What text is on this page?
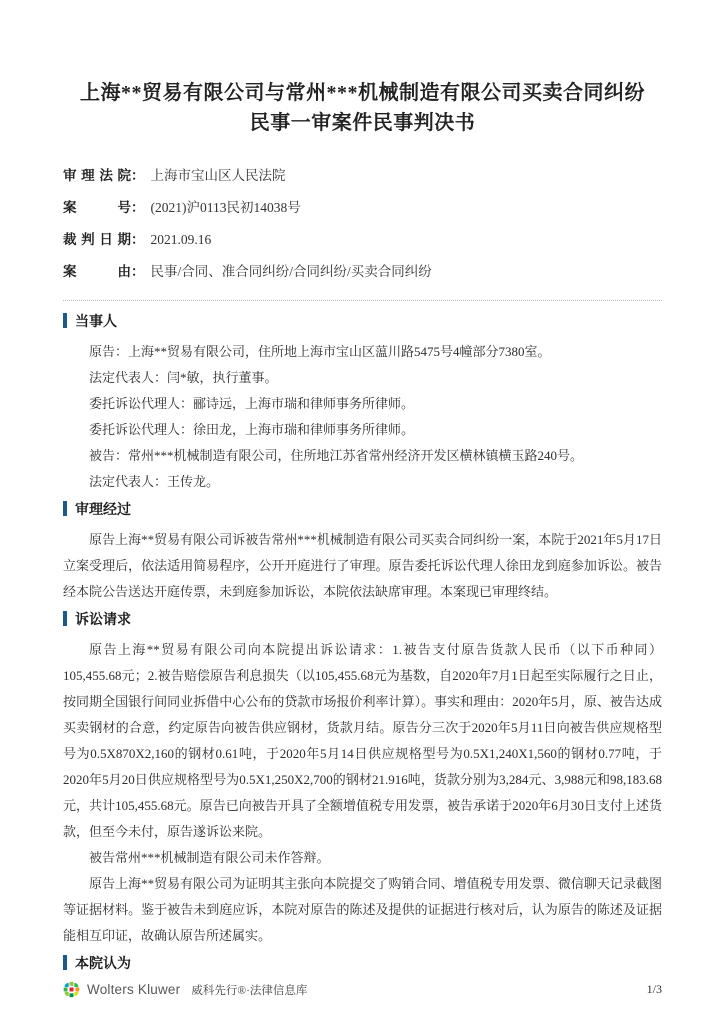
上海**贸易有限公司与常州***机械制造有限公司买卖合同纠纷民事一审案件民事判决书
审理法院： 上海市宝山区人民法院
案号： (2021)沪0113民初14038号
裁判日期： 2021.09.16
案由： 民事/合同、准合同纠纷/合同纠纷/买卖合同纠纷
当事人

原告：上海**贸易有限公司，住所地上海市宝山区蕰川路5475号4幢部分7380室。

法定代表人：闫*敏，执行董事。

委托诉讼代理人：郦诗远，上海市瑞和律师事务所律师。

委托诉讼代理人：徐田龙，上海市瑞和律师事务所律师。

被告：常州***机械制造有限公司，住所地江苏省常州经济开发区横林镇横玉路240号。

法定代表人：王传龙。

审理经过

原告上海**贸易有限公司诉被告常州***机械制造有限公司买卖合同纠纷一案，本院于2021年5月17日立案受理后，依法适用简易程序，公开开庭进行了审理。原告委托诉讼代理人徐田龙到庭参加诉讼。被告经本院公告送达开庭传票，未到庭参加诉讼，本院依法缺席审理。本案现已审理终结。

诉讼请求

原告上海**贸易有限公司向本院提出诉讼请求：1.被告支付原告货款人民币（以下币种同）105,455.68元；2.被告赔偿原告利息损失（以105,455.68元为基数，自2020年7月1日起至实际履行之日止，按同期全国银行间同业拆借中心公布的贷款市场报价利率计算）。事实和理由：2020年5月，原、被告达成买卖钢材的合意，约定原告向被告供应钢材，货款月结。原告分三次于2020年5月11日向被告供应规格型号为0.5X870X2,160的钢材0.61吨，于2020年5月14日供应规格型号为0.5X1,240X1,560的钢材0.77吨，于2020年5月20日供应规格型号为0.5X1,250X2,700的钢材21.916吨，货款分别为3,284元、3,988元和98,183.68元，共计105,455.68元。原告已向被告开具了全额增值税专用发票，被告承诺于2020年6月30日支付上述货款，但至今未付，原告遂诉讼来院。

被告常州***机械制造有限公司未作答辩。

原告上海**贸易有限公司为证明其主张向本院提交了购销合同、增值税专用发票、微信聊天记录截图等证据材料。鉴于被告未到庭应诉，本院对原告的陈述及提供的证据进行核对后，认为原告的陈述及证据能相互印证，故确认原告所述属实。

本院认为
Wolters Kluwer 威科先行®·法律信息库	1/3
